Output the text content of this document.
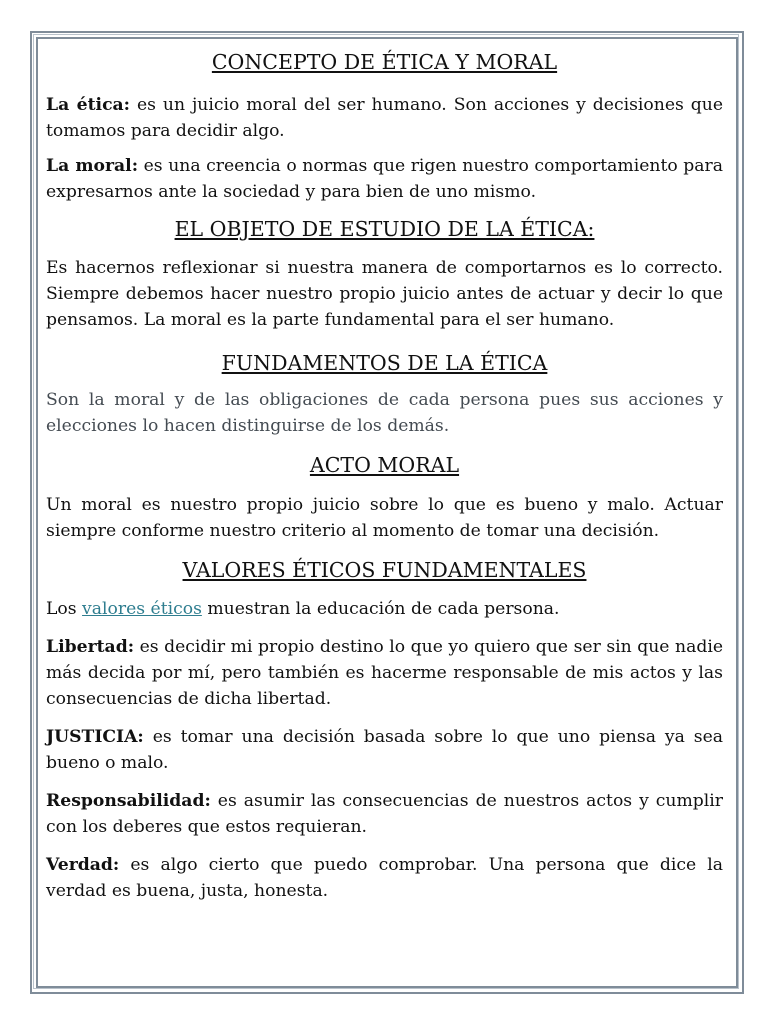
CONCEPTO DE ÉTICA Y MORAL

La ética: es un juicio moral del ser humano. Son acciones y decisiones que tomamos para decidir algo.

La moral: es una creencia o normas que rigen nuestro comportamiento para expresarnos ante la sociedad y para bien de uno mismo.

EL OBJETO DE ESTUDIO DE LA ÉTICA:

Es hacernos reflexionar si nuestra manera de comportarnos es lo correcto. Siempre debemos hacer nuestro propio juicio antes de actuar y decir lo que pensamos. La moral es la parte fundamental para el ser humano.

FUNDAMENTOS DE LA ÉTICA

Son la moral y de las obligaciones de cada persona pues sus acciones y elecciones lo hacen distinguirse de los demás.

ACTO MORAL

Un moral es nuestro propio juicio sobre lo que es bueno y malo. Actuar siempre conforme nuestro criterio al momento de tomar una decisión.

VALORES ÉTICOS FUNDAMENTALES

Los valores éticos muestran la educación de cada persona.

Libertad: es decidir mi propio destino lo que yo quiero que ser sin que nadie más decida por mí, pero también es hacerme responsable de mis actos y las consecuencias de dicha libertad.

JUSTICIA: es tomar una decisión basada sobre lo que uno piensa ya sea bueno o malo.

Responsabilidad: es asumir las consecuencias de nuestros actos y cumplir con los deberes que estos requieran.

Verdad: es algo cierto que puedo comprobar. Una persona que dice la verdad es buena, justa, honesta.
